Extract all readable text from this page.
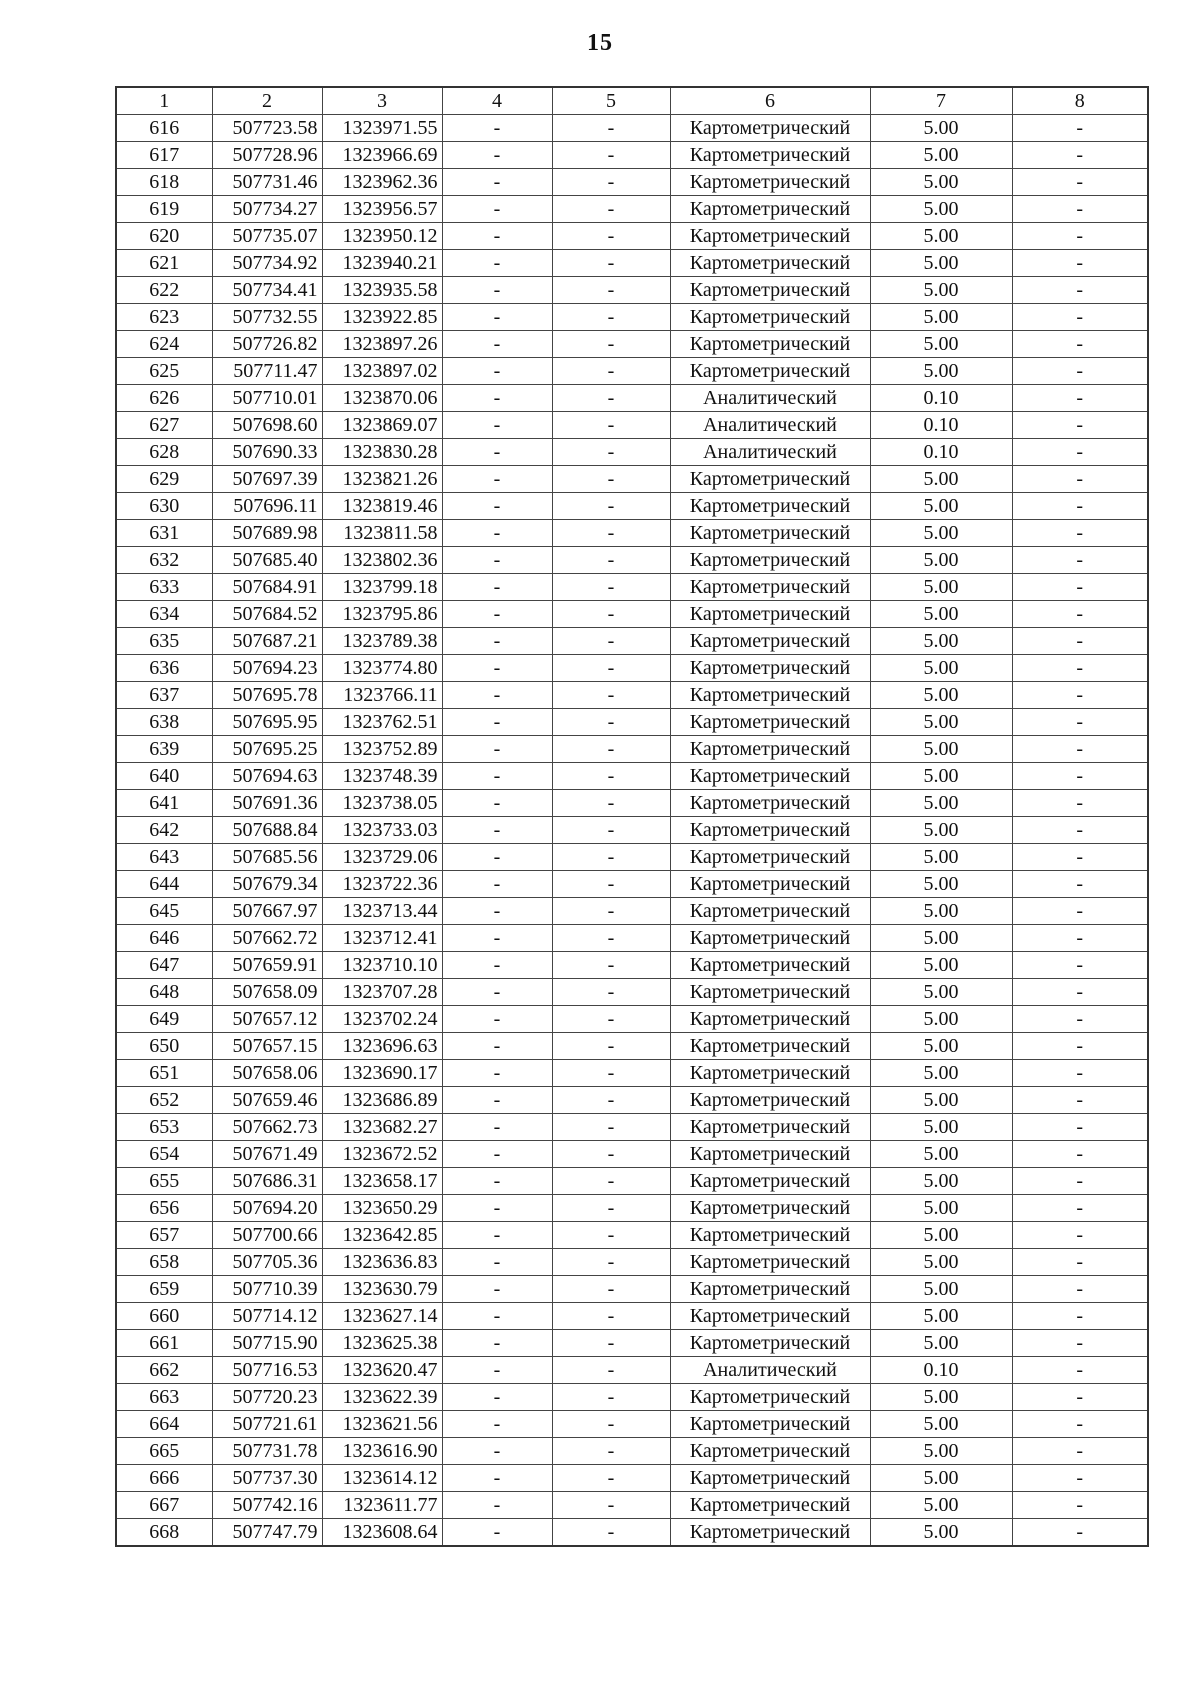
15
1	2	3	4	5	6	7	8
616	507723.58	1323971.55	-	-	Картометрический	5.00	-
617	507728.96	1323966.69	-	-	Картометрический	5.00	-
618	507731.46	1323962.36	-	-	Картометрический	5.00	-
619	507734.27	1323956.57	-	-	Картометрический	5.00	-
620	507735.07	1323950.12	-	-	Картометрический	5.00	-
621	507734.92	1323940.21	-	-	Картометрический	5.00	-
622	507734.41	1323935.58	-	-	Картометрический	5.00	-
623	507732.55	1323922.85	-	-	Картометрический	5.00	-
624	507726.82	1323897.26	-	-	Картометрический	5.00	-
625	507711.47	1323897.02	-	-	Картометрический	5.00	-
626	507710.01	1323870.06	-	-	Аналитический	0.10	-
627	507698.60	1323869.07	-	-	Аналитический	0.10	-
628	507690.33	1323830.28	-	-	Аналитический	0.10	-
629	507697.39	1323821.26	-	-	Картометрический	5.00	-
630	507696.11	1323819.46	-	-	Картометрический	5.00	-
631	507689.98	1323811.58	-	-	Картометрический	5.00	-
632	507685.40	1323802.36	-	-	Картометрический	5.00	-
633	507684.91	1323799.18	-	-	Картометрический	5.00	-
634	507684.52	1323795.86	-	-	Картометрический	5.00	-
635	507687.21	1323789.38	-	-	Картометрический	5.00	-
636	507694.23	1323774.80	-	-	Картометрический	5.00	-
637	507695.78	1323766.11	-	-	Картометрический	5.00	-
638	507695.95	1323762.51	-	-	Картометрический	5.00	-
639	507695.25	1323752.89	-	-	Картометрический	5.00	-
640	507694.63	1323748.39	-	-	Картометрический	5.00	-
641	507691.36	1323738.05	-	-	Картометрический	5.00	-
642	507688.84	1323733.03	-	-	Картометрический	5.00	-
643	507685.56	1323729.06	-	-	Картометрический	5.00	-
644	507679.34	1323722.36	-	-	Картометрический	5.00	-
645	507667.97	1323713.44	-	-	Картометрический	5.00	-
646	507662.72	1323712.41	-	-	Картометрический	5.00	-
647	507659.91	1323710.10	-	-	Картометрический	5.00	-
648	507658.09	1323707.28	-	-	Картометрический	5.00	-
649	507657.12	1323702.24	-	-	Картометрический	5.00	-
650	507657.15	1323696.63	-	-	Картометрический	5.00	-
651	507658.06	1323690.17	-	-	Картометрический	5.00	-
652	507659.46	1323686.89	-	-	Картометрический	5.00	-
653	507662.73	1323682.27	-	-	Картометрический	5.00	-
654	507671.49	1323672.52	-	-	Картометрический	5.00	-
655	507686.31	1323658.17	-	-	Картометрический	5.00	-
656	507694.20	1323650.29	-	-	Картометрический	5.00	-
657	507700.66	1323642.85	-	-	Картометрический	5.00	-
658	507705.36	1323636.83	-	-	Картометрический	5.00	-
659	507710.39	1323630.79	-	-	Картометрический	5.00	-
660	507714.12	1323627.14	-	-	Картометрический	5.00	-
661	507715.90	1323625.38	-	-	Картометрический	5.00	-
662	507716.53	1323620.47	-	-	Аналитический	0.10	-
663	507720.23	1323622.39	-	-	Картометрический	5.00	-
664	507721.61	1323621.56	-	-	Картометрический	5.00	-
665	507731.78	1323616.90	-	-	Картометрический	5.00	-
666	507737.30	1323614.12	-	-	Картометрический	5.00	-
667	507742.16	1323611.77	-	-	Картометрический	5.00	-
668	507747.79	1323608.64	-	-	Картометрический	5.00	-
